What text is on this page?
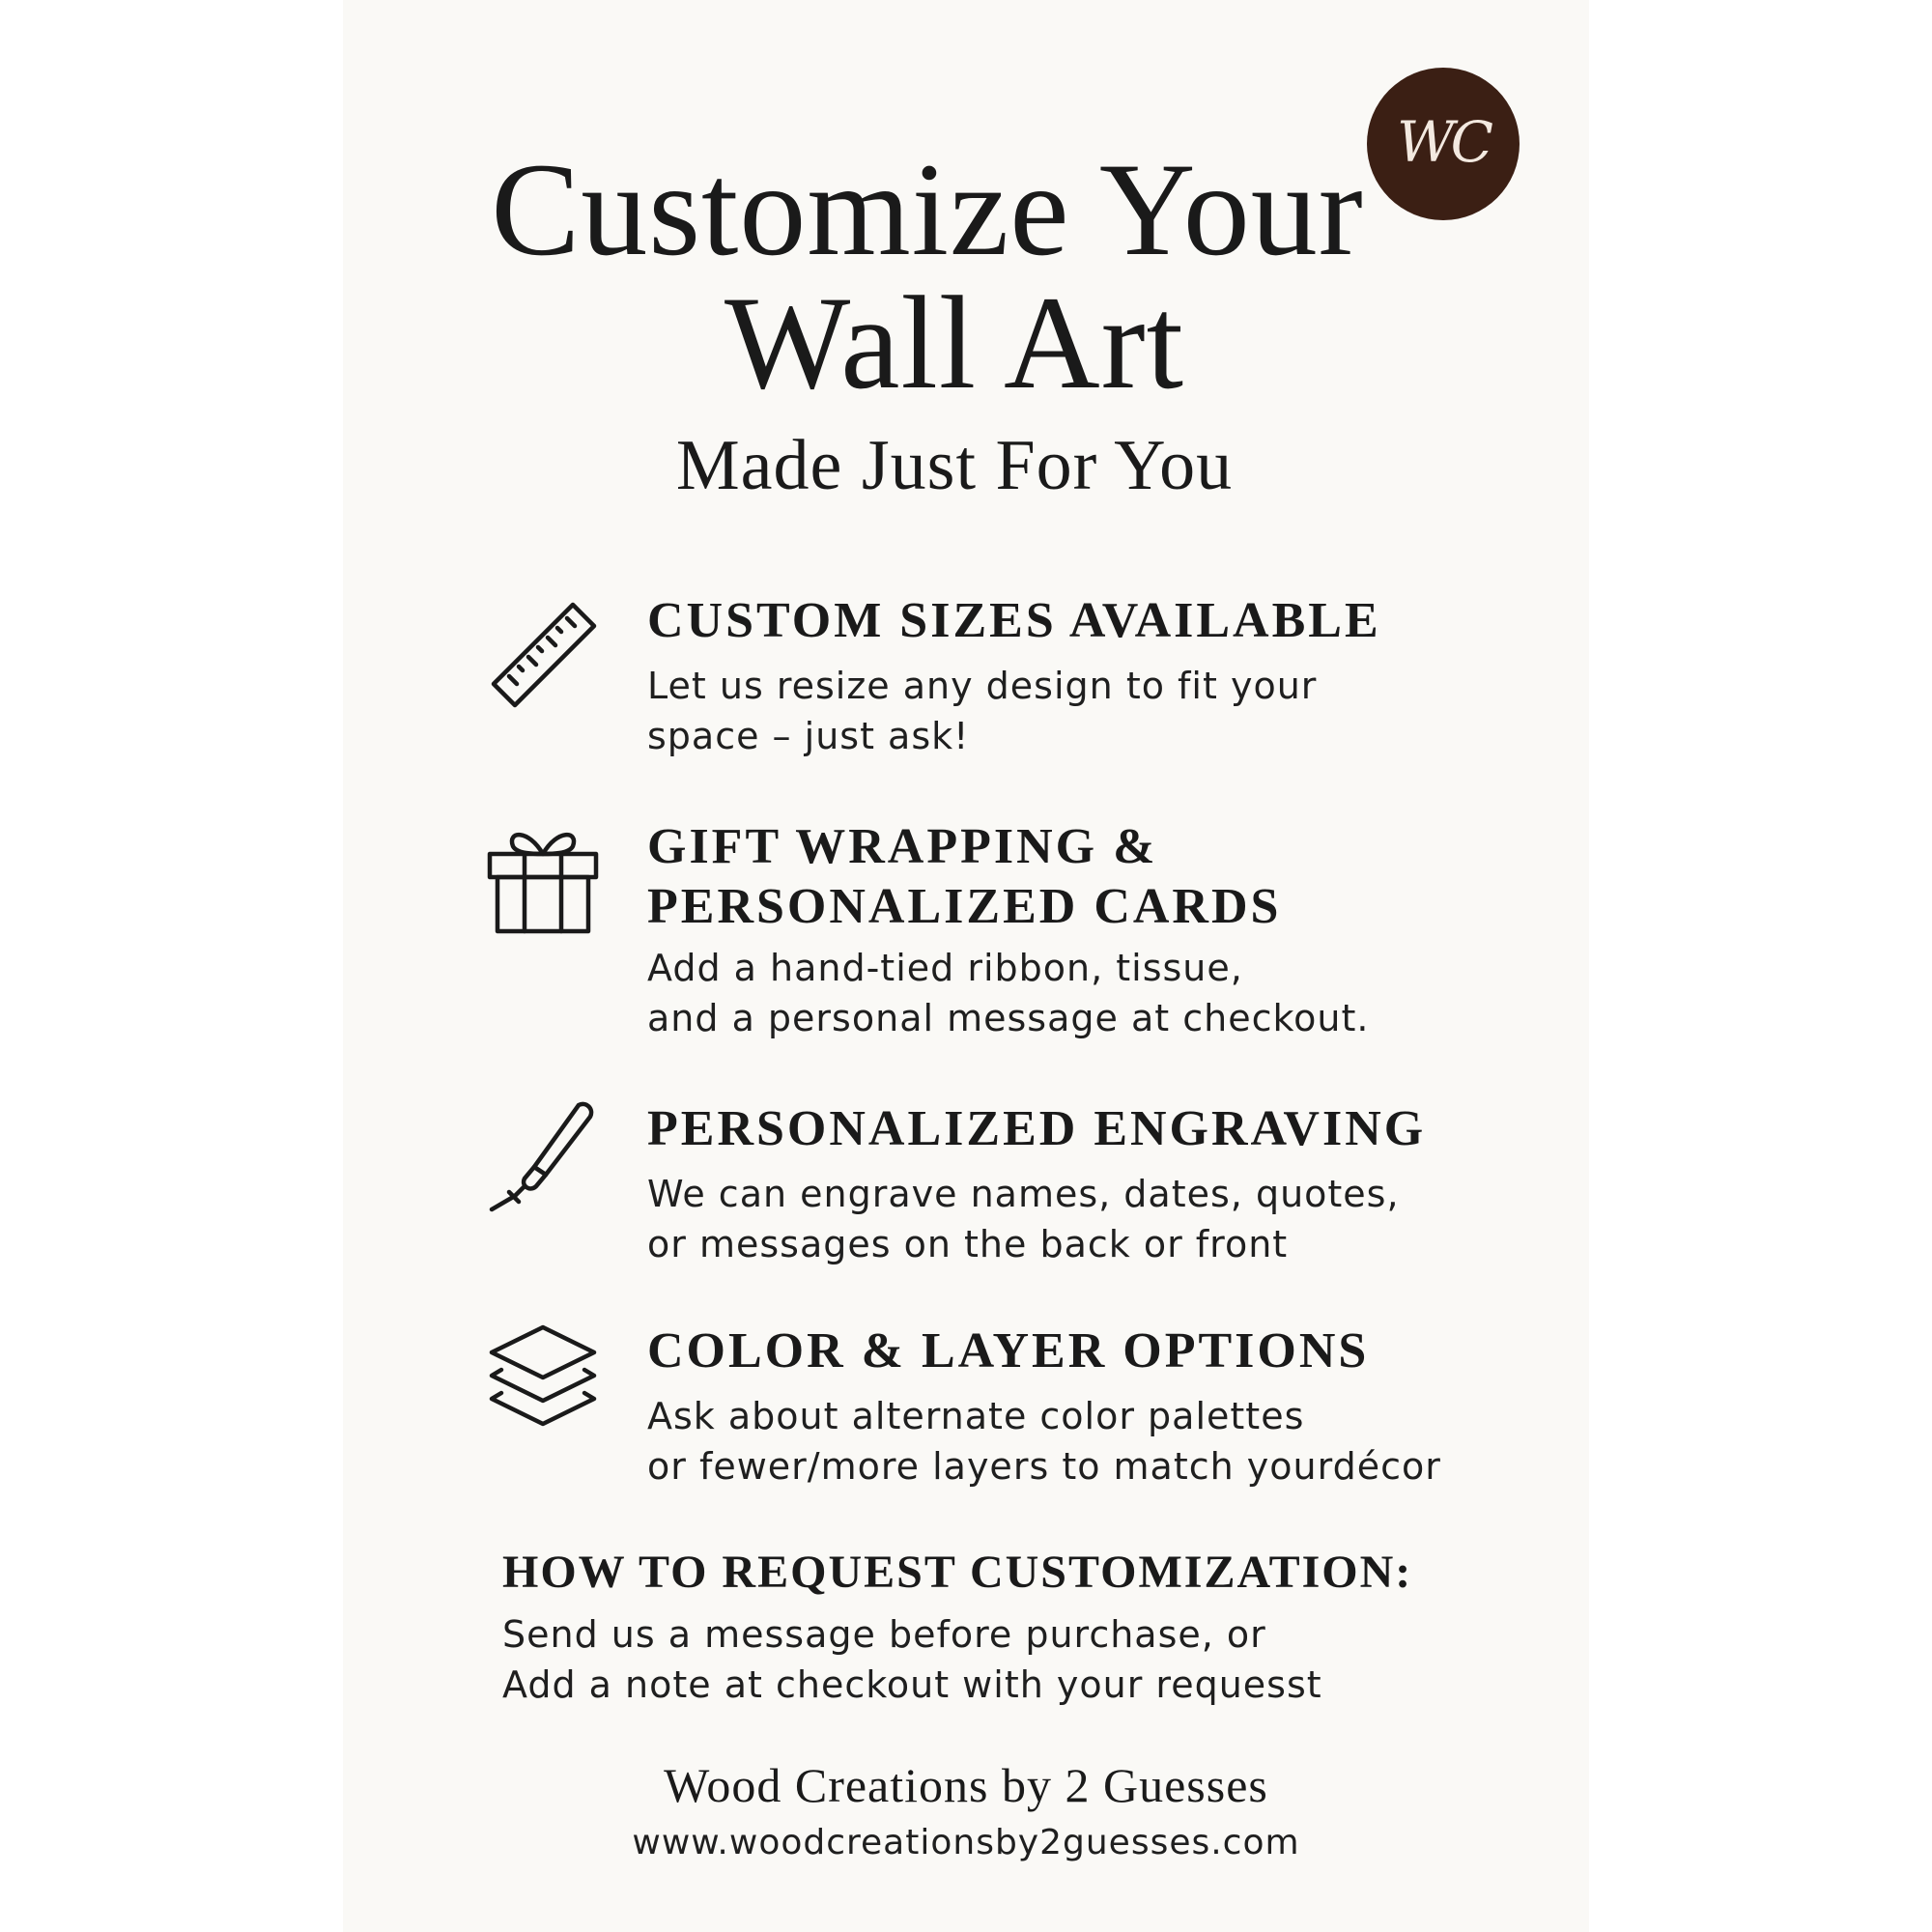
Customize Your
Wall Art
Made Just For You
WC

CUSTOM SIZES AVAILABLE
Let us resize any design to fit your
space – just ask!
GIFT WRAPPING &
PERSONALIZED CARDS
Add a hand-tied ribbon, tissue,
and a personal message at checkout.
PERSONALIZED ENGRAVING
We can engrave names, dates, quotes,
or messages on the back or front
COLOR & LAYER OPTIONS
Ask about alternate color palettes
or fewer/more layers to match yourdécor
HOW TO REQUEST CUSTOMIZATION:
Send us a message before purchase, or
Add a note at checkout with your requesst
Wood Creations by 2 Guesses
www.woodcreationsby2guesses.com
